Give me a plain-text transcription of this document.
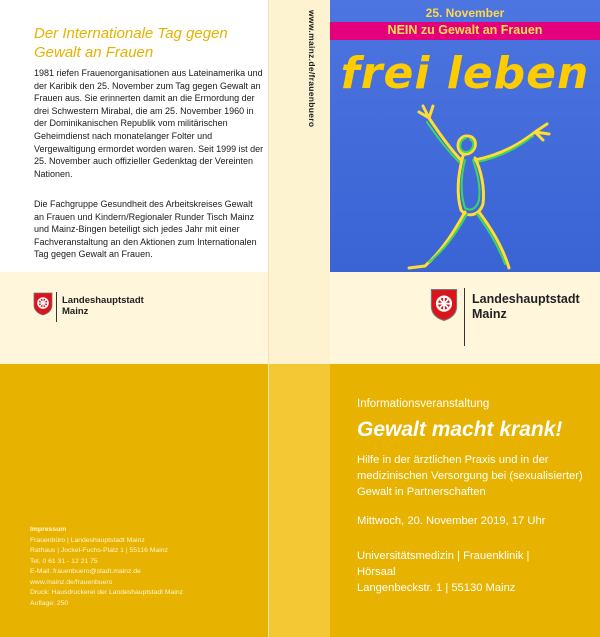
Der Internationale Tag gegen
Gewalt an Frauen
1981 riefen Frauenorganisationen aus Lateinamerika und der Karibik den 25. November zum Tag gegen Gewalt an Frauen aus. Sie erinnerten damit an die Ermordung der drei Schwestern Mirabal, die am 25. November 1960 in der Dominikanischen Republik vom militärischen Geheimdienst nach monatelanger Folter und Vergewaltigung ermordet worden waren. Seit 1999 ist der 25. November auch offizieller Gedenktag der Vereinten Nationen.
Die Fachgruppe Gesundheit des Arbeitskreises Gewalt an Frauen und Kindern/Regionaler Runder Tisch Mainz und Mainz-Bingen beteiligt sich jedes Jahr mit einer Fachveranstaltung an den Aktionen zum Internationalen Tag gegen Gewalt an Frauen.
www.mainz.de/frauenbuero	25. November
NEIN zu Gewalt an Frauen
frei leben
Landeshauptstadt
Mainz
Landeshauptstadt
Mainz
Impressum
Frauenbüro | Landeshauptstadt Mainz
Rathaus | Jockel-Fuchs-Platz 1 | 55116 Mainz
Tel. 0 61 31 - 12 21 75
E-Mail: frauenbuero@stadt.mainz.de
www.mainz.de/frauenbuero
Druck: Hausdruckerei der Landeshauptstadt Mainz
Auflage: 250
Informationsveranstaltung
Gewalt macht krank!
Hilfe in der ärztlichen Praxis und in der medizinischen Versorgung bei (sexualisierter) Gewalt in Partnerschaften
Mittwoch, 20. November 2019, 17 Uhr
Universitätsmedizin | Frauenklinik |
Hörsaal
Langenbeckstr. 1 | 55130 Mainz
